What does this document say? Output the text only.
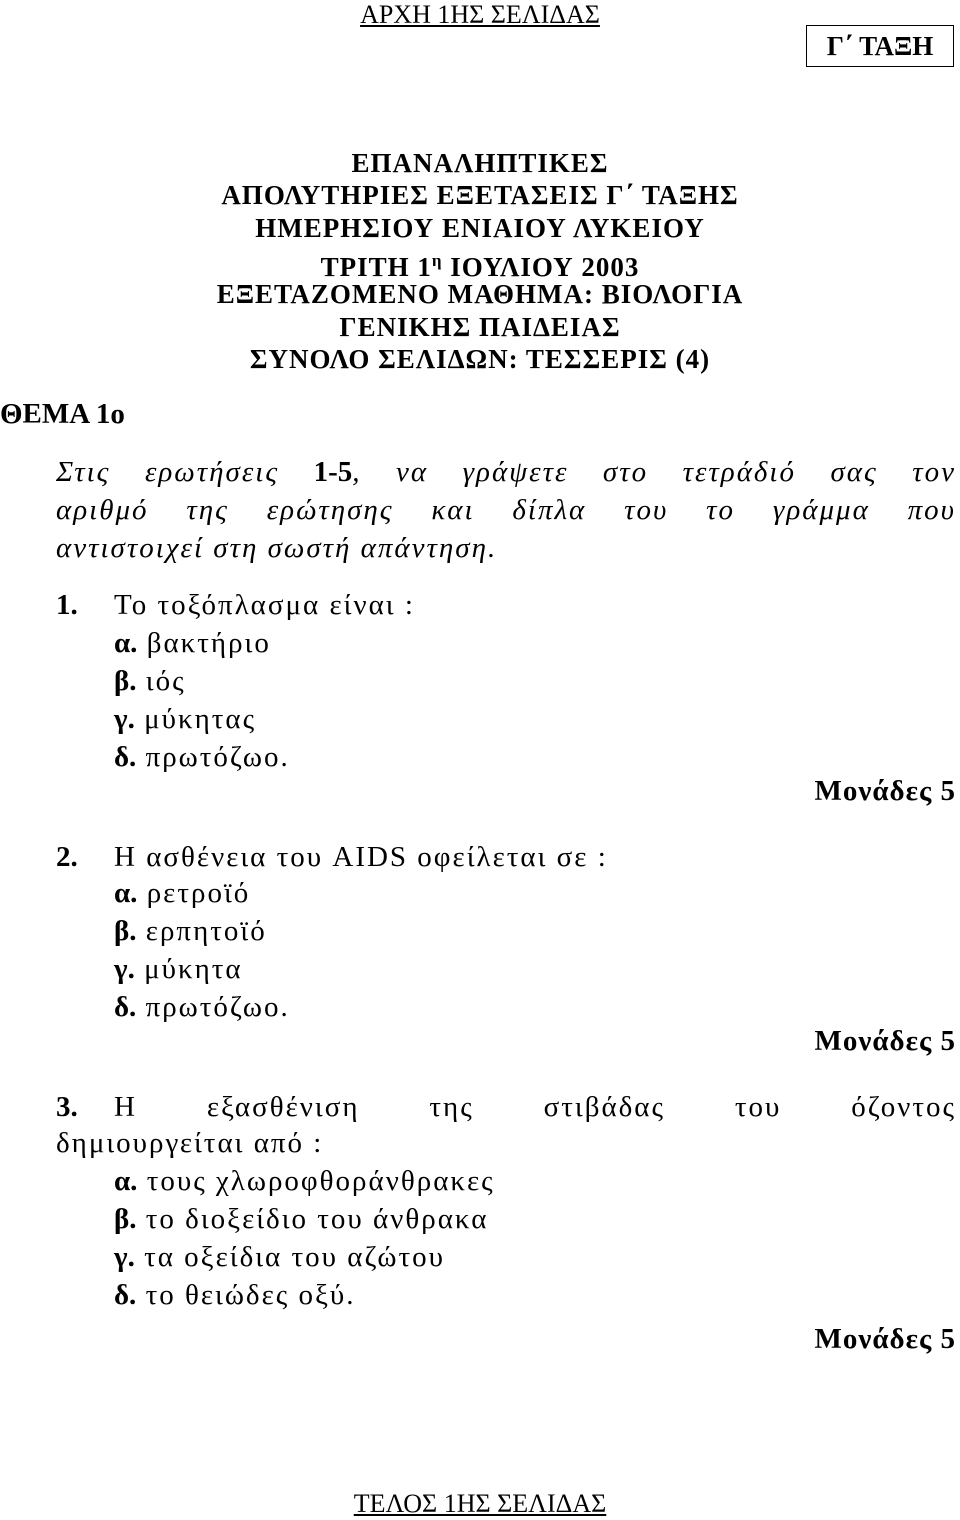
ΑΡΧΗ 1ΗΣ ΣΕΛΙΔΑΣ
Γ΄ ΤΑΞΗ
ΕΠΑΝΑΛΗΠΤΙΚΕΣ
ΑΠΟΛΥΤΗΡΙΕΣ ΕΞΕΤΑΣΕΙΣ Γ΄ ΤΑΞΗΣ
ΗΜΕΡΗΣΙΟΥ ΕΝΙΑΙΟΥ ΛΥΚΕΙΟΥ
ΤΡΙΤΗ $1^\eta$ ΙΟΥΛΙΟΥ 2003
ΕΞΕΤΑΖΟΜΕΝΟ ΜΑΘΗΜΑ: ΒΙΟΛΟΓΙΑ
ΓΕΝΙΚΗΣ ΠΑΙΔΕΙΑΣ
ΣΥΝΟΛΟ ΣΕΛΙΔΩΝ: ΤΕΣΣΕΡΙΣ (4)
ΘΕΜΑ 1ο
Στις ερωτήσεις 1-5, να γράψετε στο τετράδιό σας τον
αριθμό της ερώτησης και δίπλα του το γράμμα που
αντιστοιχεί στη σωστή απάντηση.
1. Το τοξόπλασμα είναι :
α. βακτήριο
β. ιός
γ. μύκητας
δ. πρωτόζωο.
Μονάδες 5
2. Η ασθένεια του AIDS οφείλεται σε :
α. ρετροϊό
β. ερπητοϊό
γ. μύκητα
δ. πρωτόζωο.
Μονάδες 5
3. Η εξασθένιση της στιβάδας του όζοντος
δημιουργείται από :
α. τους χλωροφθοράνθρακες
β. το διοξείδιο του άνθρακα
γ. τα οξείδια του αζώτου
δ. το θειώδες οξύ.
Μονάδες 5
ΤΕΛΟΣ 1ΗΣ ΣΕΛΙΔΑΣ
